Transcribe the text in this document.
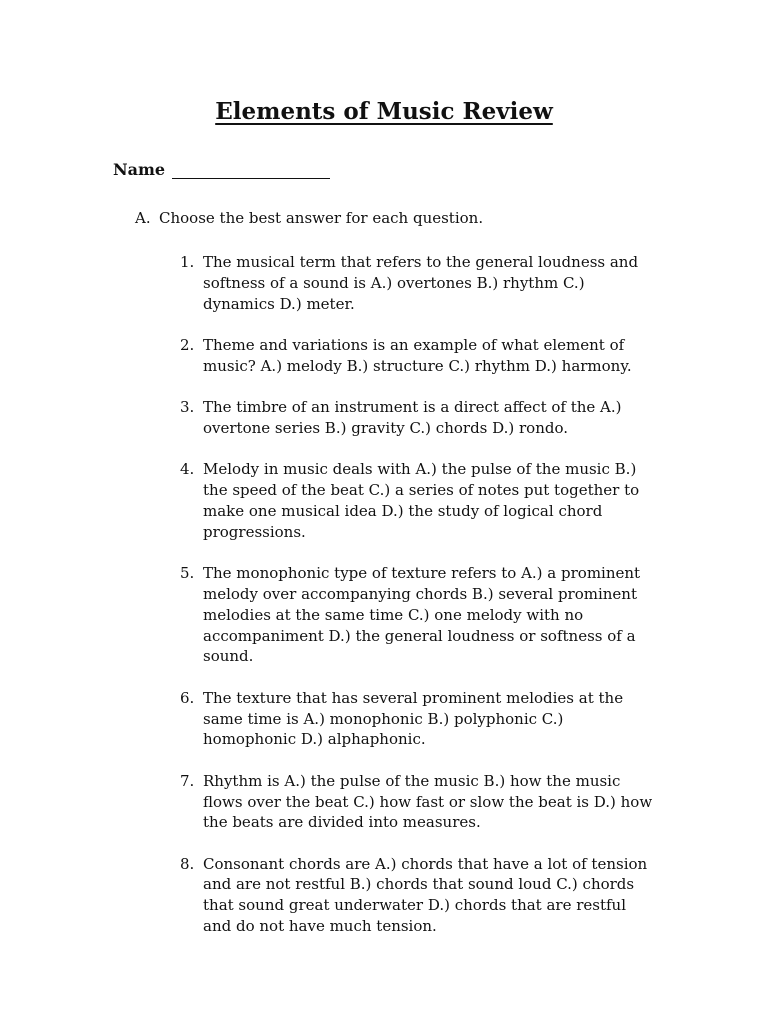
Elements of Music Review
Name
A. Choose the best answer for each question.
1. The musical term that refers to the general loudness and softness of a sound is A.) overtones B.) rhythm C.) dynamics D.) meter.
2. Theme and variations is an example of what element of music? A.) melody B.) structure C.) rhythm D.) harmony.
3. The timbre of an instrument is a direct affect of the A.) overtone series B.) gravity C.) chords D.) rondo.
4. Melody in music deals with A.) the pulse of the music B.) the speed of the beat C.) a series of notes put together to make one musical idea D.) the study of logical chord progressions.
5. The monophonic type of texture refers to A.) a prominent melody over accompanying chords B.) several prominent melodies at the same time C.) one melody with no accompaniment D.) the general loudness or softness of a sound.
6. The texture that has several prominent melodies at the same time is A.) monophonic B.) polyphonic C.) homophonic D.) alphaphonic.
7. Rhythm is A.) the pulse of the music B.) how the music flows over the beat C.) how fast or slow the beat is D.) how the beats are divided into measures.
8. Consonant chords are A.) chords that have a lot of tension and are not restful B.) chords that sound loud C.) chords that sound great underwater D.) chords that are restful and do not have much tension.
